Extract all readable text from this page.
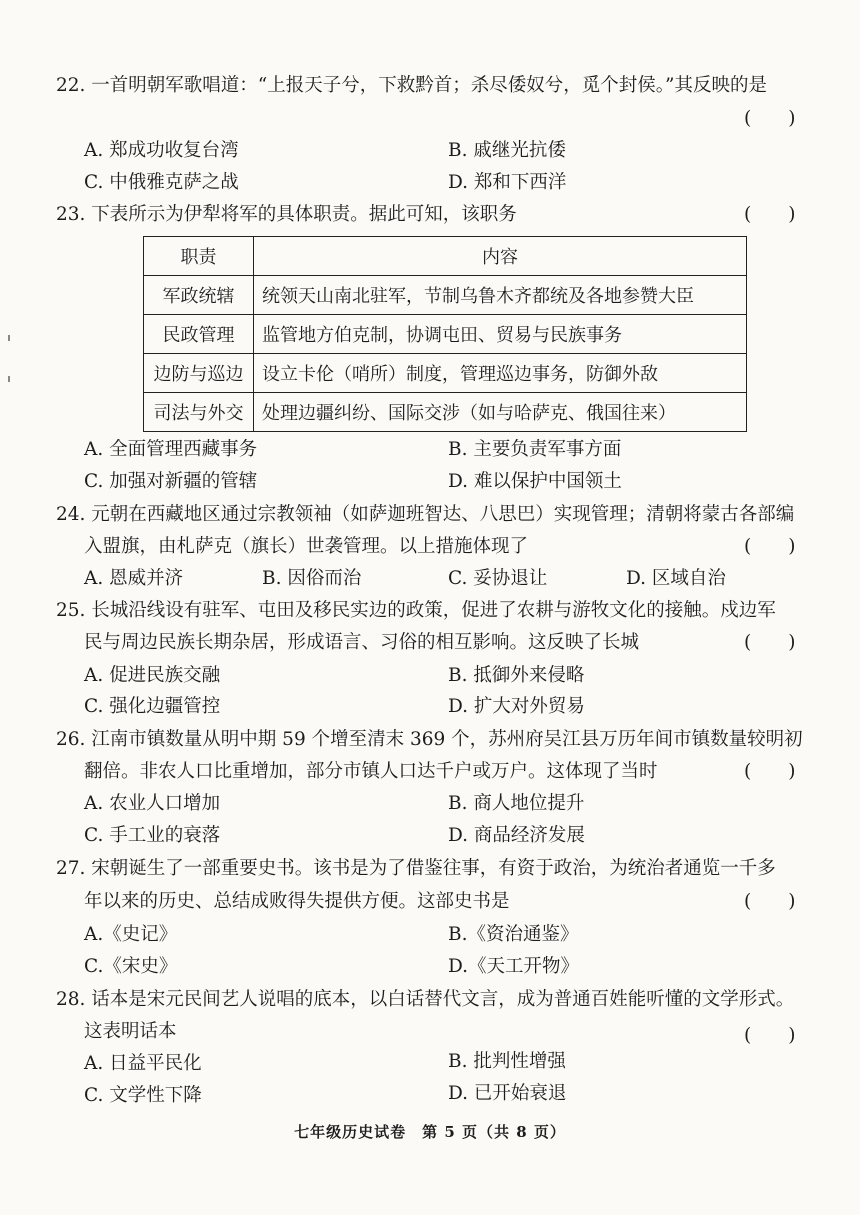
22. 一首明朝军歌唱道：“上报天子兮，下救黔首；杀尽倭奴兮，觅个封侯。”其反映的是
(　　)
A. 郑成功收复台湾	B. 戚继光抗倭
C. 中俄雅克萨之战	D. 郑和下西洋
23. 下表所示为伊犁将军的具体职责。据此可知，该职务	(　　)
职责	内容
军政统辖	统领天山南北驻军，节制乌鲁木齐都统及各地参赞大臣
民政管理	监管地方伯克制，协调屯田、贸易与民族事务
边防与巡边	设立卡伦（哨所）制度，管理巡边事务，防御外敌
司法与外交	处理边疆纠纷、国际交涉（如与哈萨克、俄国往来）
A. 全面管理西藏事务	B. 主要负责军事方面
C. 加强对新疆的管辖	D. 难以保护中国领土
24. 元朝在西藏地区通过宗教领袖（如萨迦班智达、八思巴）实现管理；清朝将蒙古各部编
入盟旗，由札萨克（旗长）世袭管理。以上措施体现了	(　　)
A. 恩威并济	B. 因俗而治	C. 妥协退让	D. 区域自治
25. 长城沿线设有驻军、屯田及移民实边的政策，促进了农耕与游牧文化的接触。戍边军
民与周边民族长期杂居，形成语言、习俗的相互影响。这反映了长城	(　　)
A. 促进民族交融	B. 抵御外来侵略
C. 强化边疆管控	D. 扩大对外贸易
26. 江南市镇数量从明中期 59 个增至清末 369 个，苏州府吴江县万历年间市镇数量较明初
翻倍。非农人口比重增加，部分市镇人口达千户或万户。这体现了当时	(　　)
A. 农业人口增加	B. 商人地位提升
C. 手工业的衰落	D. 商品经济发展
27. 宋朝诞生了一部重要史书。该书是为了借鉴往事，有资于政治，为统治者通览一千多
年以来的历史、总结成败得失提供方便。这部史书是	(　　)
A.《史记》	B.《资治通鉴》
C.《宋史》	D.《天工开物》
28. 话本是宋元民间艺人说唱的底本，以白话替代文言，成为普通百姓能听懂的文学形式。
这表明话本	(　　)
A. 日益平民化	B. 批判性增强
C. 文学性下降	D. 已开始衰退
七年级历史试卷　第 5 页（共 8 页）
